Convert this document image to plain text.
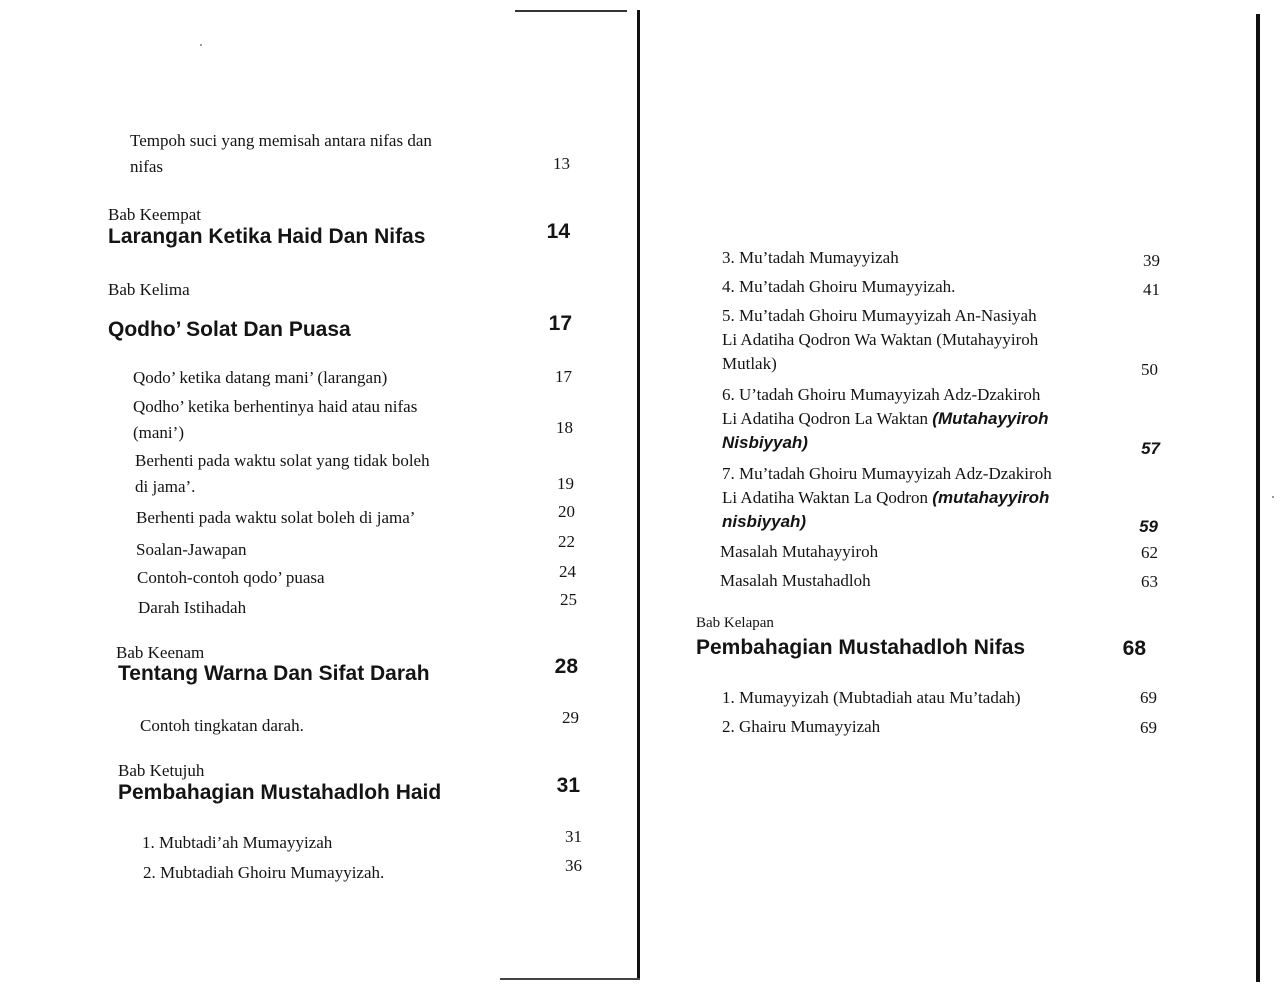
Tempoh suci yang memisah antara nifas dan
nifas	13
Bab Keempat
Larangan Ketika Haid Dan Nifas	14
Bab Kelima
Qodho’ Solat Dan Puasa	17
Qodo’ ketika datang mani’ (larangan)	17
Qodho’ ketika berhentinya haid atau nifas
(mani’)	18
Berhenti pada waktu solat yang tidak boleh
di jama’.	19
Berhenti pada waktu solat boleh di jama’	20
Soalan-Jawapan	22
Contoh-contoh qodo’ puasa	24
Darah Istihadah	25
Bab Keenam
Tentang Warna Dan Sifat Darah	28
Contoh tingkatan darah.	29
Bab Ketujuh
Pembahagian Mustahadloh Haid	31
1. Mubtadi’ah Mumayyizah	31
2. Mubtadiah Ghoiru Mumayyizah.	36
3. Mu’tadah Mumayyizah	39
4. Mu’tadah Ghoiru Mumayyizah.	41
5. Mu’tadah Ghoiru Mumayyizah An-Nasiyah
Li Adatiha Qodron Wa Waktan (Mutahayyiroh
Mutlak)	50
6. U’tadah Ghoiru Mumayyizah Adz-Dzakiroh
Li Adatiha Qodron La Waktan (Mutahayyiroh
Nisbiyyah)	57
7. Mu’tadah Ghoiru Mumayyizah Adz-Dzakiroh
Li Adatiha Waktan La Qodron (mutahayyiroh
nisbiyyah)	59
Masalah Mutahayyiroh	62
Masalah Mustahadloh	63
Bab Kelapan
Pembahagian Mustahadloh Nifas	68
1. Mumayyizah (Mubtadiah atau Mu’tadah)	69
2. Ghairu Mumayyizah	69
